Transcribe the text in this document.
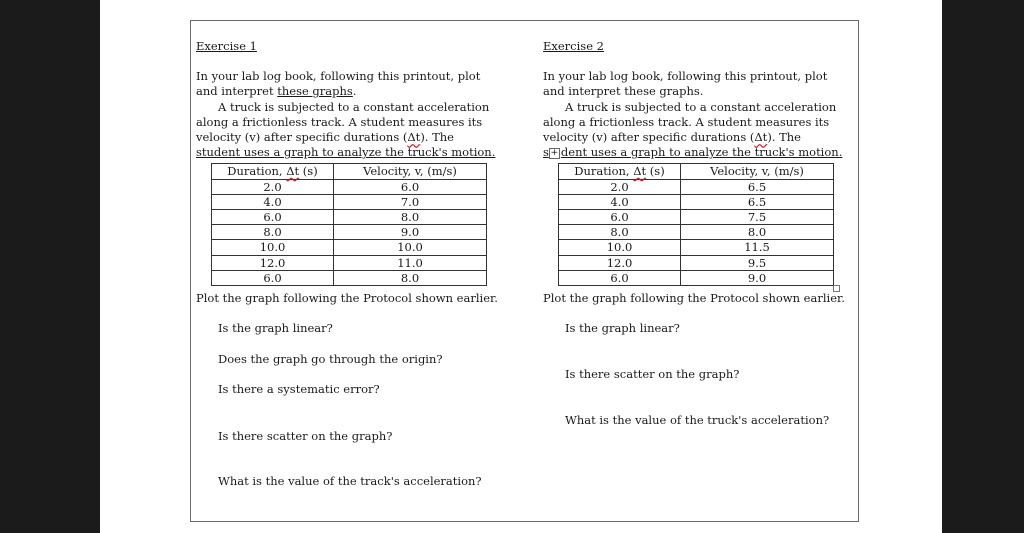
Exercise 1
In your lab log book, following this printout, plot
and interpret these graphs.
A truck is subjected to a constant acceleration
along a frictionless track. A student measures its
velocity (v) after specific durations (Δt). The
student uses a graph to analyze the truck's motion.
Duration, Δt (s)	Velocity, v, (m/s)
2.0	6.0
4.0	7.0
6.0	8.0
8.0	9.0
10.0	10.0
12.0	11.0
6.0	8.0
Plot the graph following the Protocol shown earlier.
Is the graph linear?
Does the graph go through the origin?
Is there a systematic error?
Is there scatter on the graph?
What is the value of the track's acceleration?
Exercise 2
In your lab log book, following this printout, plot
and interpret these graphs.
A truck is subjected to a constant acceleration
along a frictionless track. A student measures its
velocity (v) after specific durations (Δt). The
s + dent uses a graph to analyze the truck's motion.
Duration, Δt (s)	Velocity, v, (m/s)
2.0	6.5
4.0	6.5
6.0	7.5
8.0	8.0
10.0	11.5
12.0	9.5
6.0	9.0
Plot the graph following the Protocol shown earlier.
Is the graph linear?
Is there scatter on the graph?
What is the value of the truck's acceleration?
